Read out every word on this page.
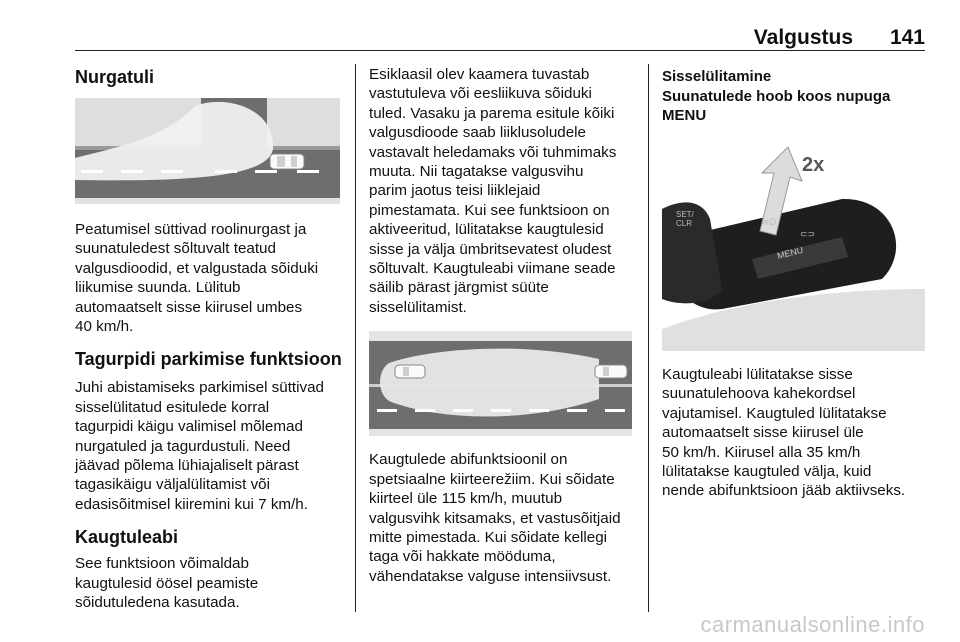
Valgustus 141
Nurgatuli
Peatumisel süttivad roolinurgast ja
suunatuledest sõltuvalt teatud
valgusdioodid, et valgustada sõiduki
liikumise suunda. Lülitub
automaatselt sisse kiirusel umbes
40 km/h.
Tagurpidi parkimise funktsioon
Juhi abistamiseks parkimisel süttivad
sisselülitatud esitulede korral
tagurpidi käigu valimisel mõlemad
nurgatuled ja tagurdustuli. Need
jäävad põlema lühiajaliselt pärast
tagasikäigu väljalülitamist või
edasisõitmisel kiiremini kui 7 km/h.
Kaugtuleabi
See funktsioon võimaldab
kaugtulesid öösel peamiste
sõidutuledena kasutada.
Esiklaasil olev kaamera tuvastab
vastutuleva või eesliikuva sõiduki
tuled. Vasaku ja parema esitule kõiki
valgusdioode saab liiklusoludele
vastavalt heledamaks või tuhmimaks
muuta. Nii tagatakse valgusvihu
parim jaotus teisi liiklejaid
pimestamata. Kui see funktsioon on
aktiveeritud, lülitatakse kaugtulesid
sisse ja välja ümbritsevatest oludest
sõltuvalt. Kaugtuleabi viimane seade
säilib pärast järgmist süüte
sisselülitamist.
Kaugtulede abifunktsioonil on
spetsiaalne kiirteerežiim. Kui sõidate
kiirteel üle 115 km/h, muutub
valgusvihk kitsamaks, et vastusõitjaid
mitte pimestada. Kui sõidate kellegi
taga või hakkate mööduma,
vähendatakse valguse intensiivsust.
Sisselülitamine
Suunatulede hoob koos nupuga
MENU
2x
SET/ CLR
MENU
≡D
⊂⊃
Kaugtuleabi lülitatakse sisse
suunatulehoova kahekordsel
vajutamisel. Kaugtuled lülitatakse
automaatselt sisse kiirusel üle
50 km/h. Kiirusel alla 35 km/h
lülitatakse kaugtuled välja, kuid
nende abifunktsioon jääb aktiivseks.
carmanualsonline.info
